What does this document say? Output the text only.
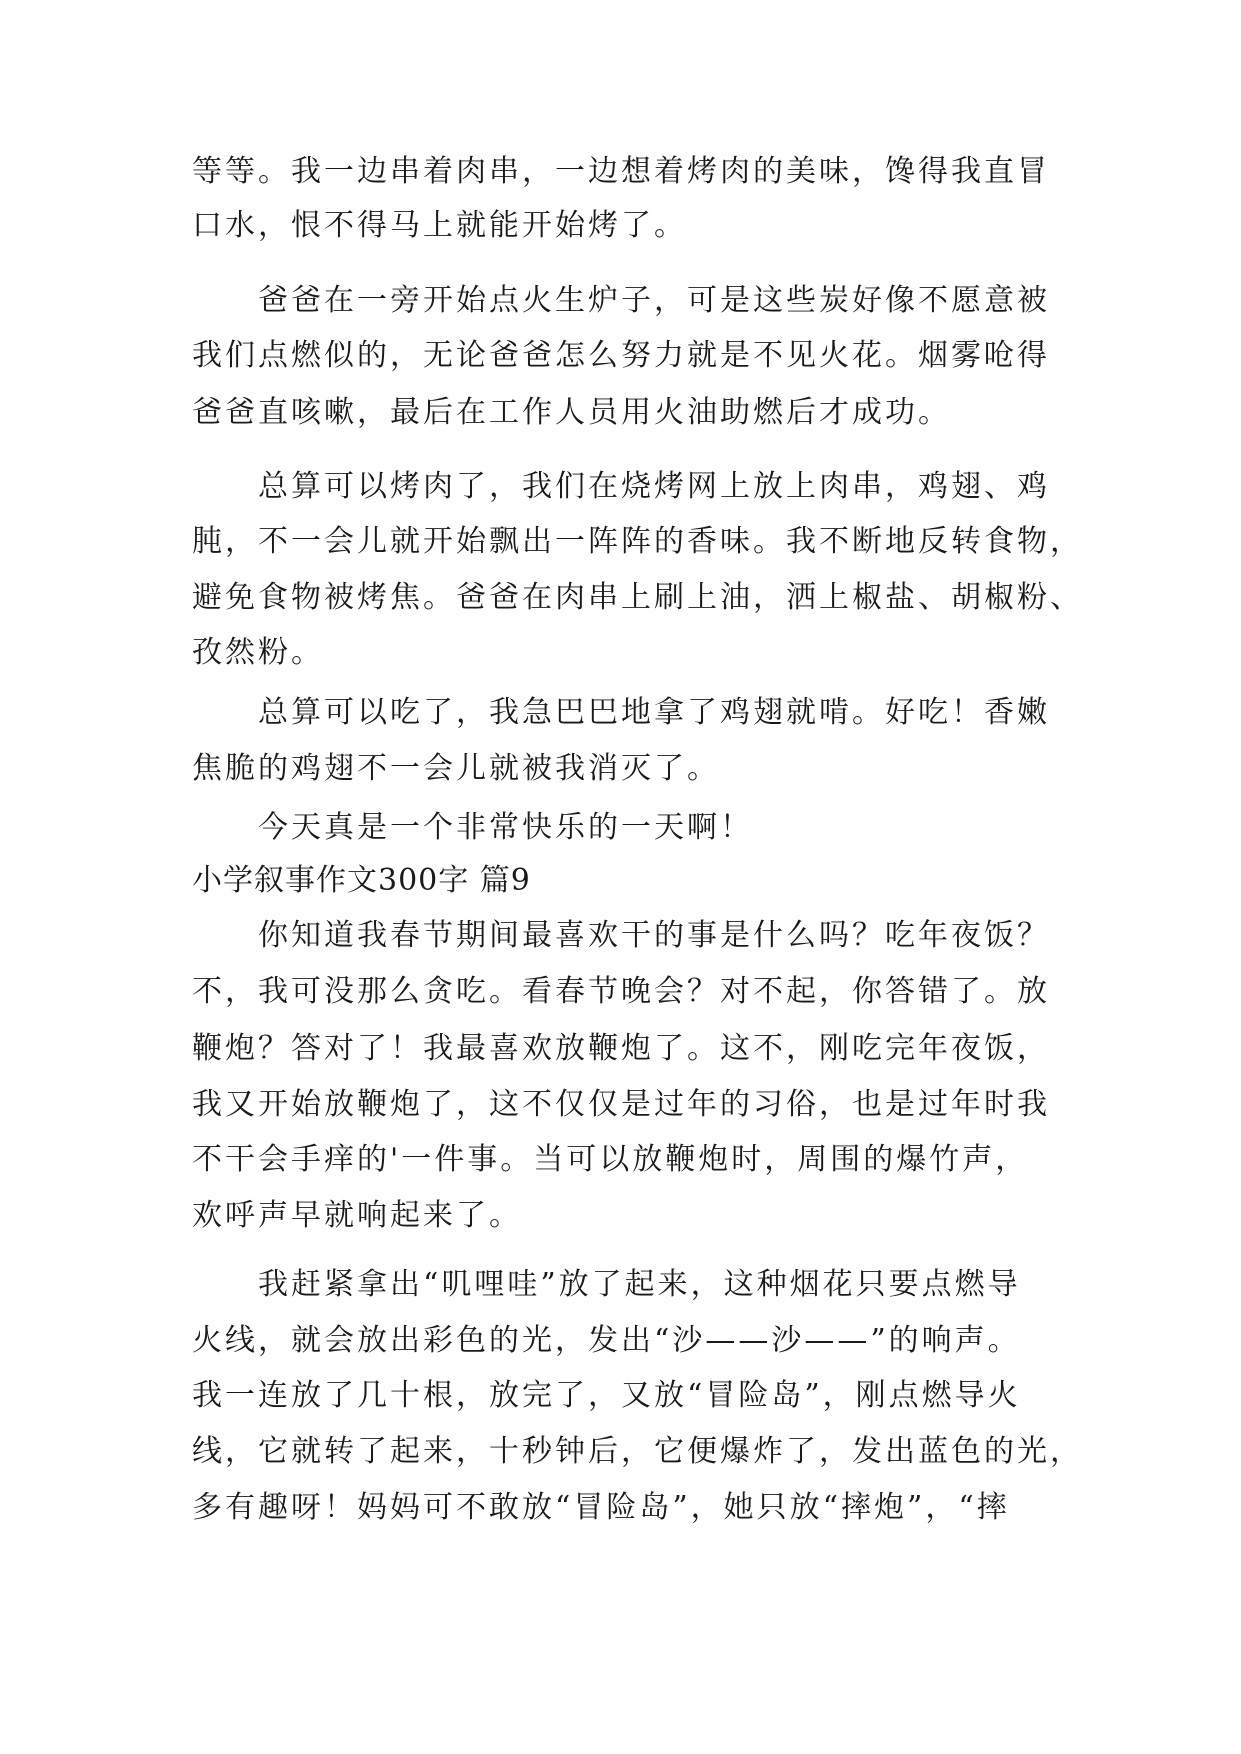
等等。我一边串着肉串，一边想着烤肉的美味，馋得我直冒
口水，恨不得马上就能开始烤了。
爸爸在一旁开始点火生炉子，可是这些炭好像不愿意被
我们点燃似的，无论爸爸怎么努力就是不见火花。烟雾呛得
爸爸直咳嗽，最后在工作人员用火油助燃后才成功。
总算可以烤肉了，我们在烧烤网上放上肉串，鸡翅、鸡
肫，不一会儿就开始飘出一阵阵的香味。我不断地反转食物，
避免食物被烤焦。爸爸在肉串上刷上油，洒上椒盐、胡椒粉、
孜然粉。
总算可以吃了，我急巴巴地拿了鸡翅就啃。好吃！香嫩
焦脆的鸡翅不一会儿就被我消灭了。
今天真是一个非常快乐的一天啊！
小学叙事作文300字 篇9
你知道我春节期间最喜欢干的事是什么吗？吃年夜饭？
不，我可没那么贪吃。看春节晚会？对不起，你答错了。放
鞭炮？答对了！我最喜欢放鞭炮了。这不，刚吃完年夜饭，
我又开始放鞭炮了，这不仅仅是过年的习俗，也是过年时我
不干会手痒的'一件事。当可以放鞭炮时，周围的爆竹声，
欢呼声早就响起来了。
我赶紧拿出“叽哩哇”放了起来，这种烟花只要点燃导
火线，就会放出彩色的光，发出“沙——沙——”的响声。
我一连放了几十根，放完了，又放“冒险岛”，刚点燃导火
线，它就转了起来，十秒钟后，它便爆炸了，发出蓝色的光，
多有趣呀！妈妈可不敢放“冒险岛”，她只放“摔炮”，“摔
